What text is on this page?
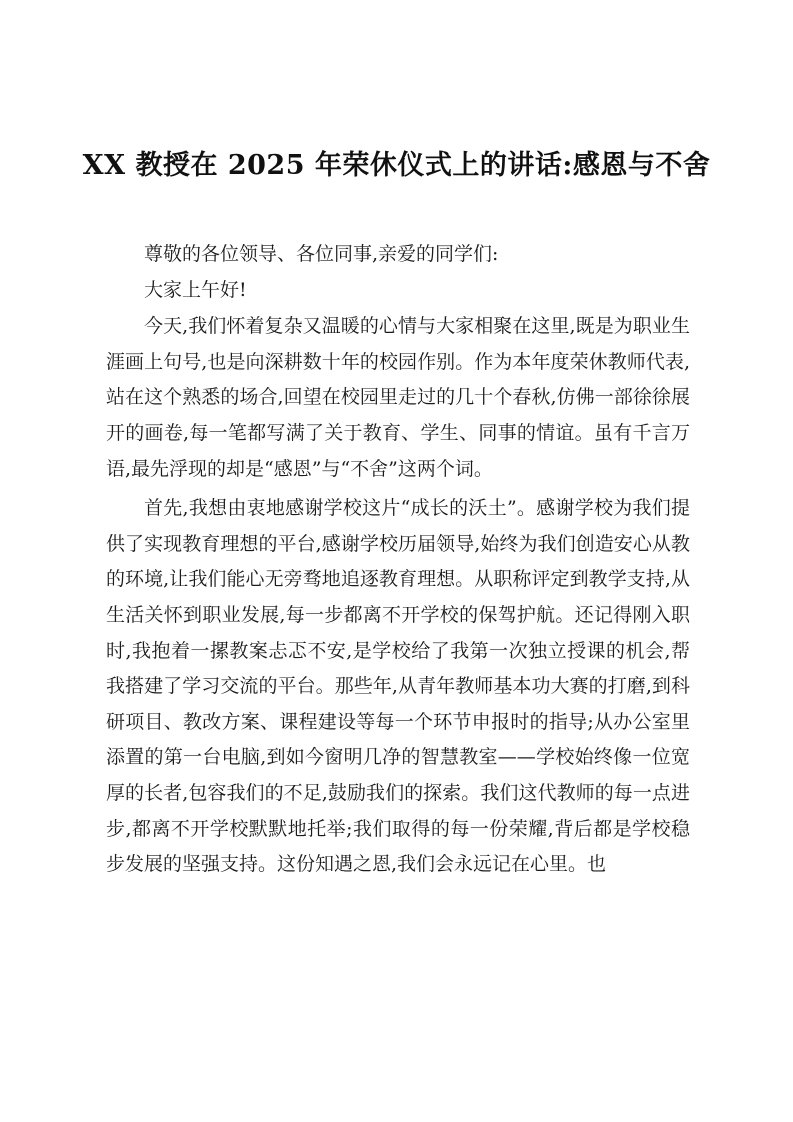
XX 教授在 2025 年荣休仪式上的讲话:感恩与不舍

尊敬的各位领导、各位同事,亲爱的同学们:

大家上午好!

今天,我们怀着复杂又温暖的心情与大家相聚在这里,既是为职业生涯画上句号,也是向深耕数十年的校园作别。作为本年度荣休教师代表,站在这个熟悉的场合,回望在校园里走过的几十个春秋,仿佛一部徐徐展开的画卷,每一笔都写满了关于教育、学生、同事的情谊。虽有千言万语,最先浮现的却是“感恩”与“不舍”这两个词。

首先,我想由衷地感谢学校这片“成长的沃土”。感谢学校为我们提供了实现教育理想的平台,感谢学校历届领导,始终为我们创造安心从教的环境,让我们能心无旁骛地追逐教育理想。从职称评定到教学支持,从生活关怀到职业发展,每一步都离不开学校的保驾护航。还记得刚入职时,我抱着一摞教案忐忑不安,是学校给了我第一次独立授课的机会,帮我搭建了学习交流的平台。那些年,从青年教师基本功大赛的打磨,到科研项目、教改方案、课程建设等每一个环节申报时的指导;从办公室里添置的第一台电脑,到如今窗明几净的智慧教室——学校始终像一位宽厚的长者,包容我们的不足,鼓励我们的探索。我们这代教师的每一点进步,都离不开学校默默地托举;我们取得的每一份荣耀,背后都是学校稳步发展的坚强支持。这份知遇之恩,我们会永远记在心里。也
